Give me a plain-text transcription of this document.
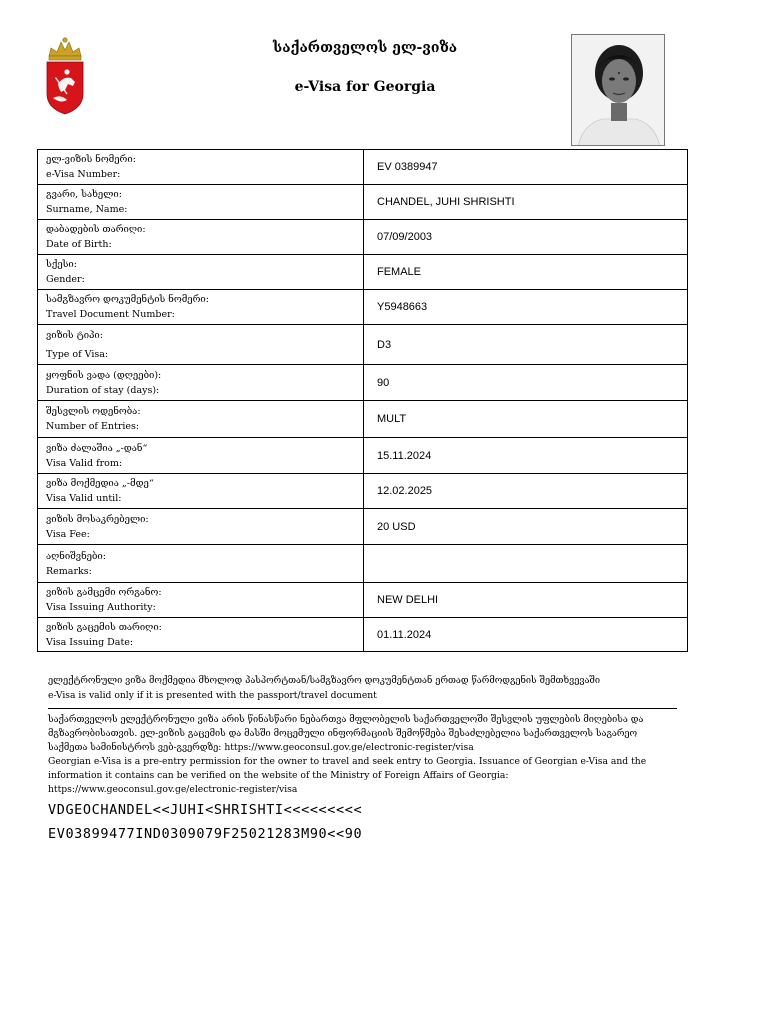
საქართველოს ელ-ვიზა
e-Visa for Georgia
ელ-ვიზის ნომერი:
e-Visa Number:	EV 0389947

გვარი, სახელი:
Surname, Name:	CHANDEL, JUHI SHRISHTI

დაბადების თარიღი:
Date of Birth:	07/09/2003

სქესი:
Gender:	FEMALE

სამგზავრო დოკუმენტის ნომერი:
Travel Document Number:	Y5948663

ვიზის ტიპი:
Type of Visa:	D3

ყოფნის ვადა (დღეები):
Duration of stay (days):	90

შესვლის ოდენობა:
Number of Entries:	MULT

ვიზა ძალაშია „-დან“
Visa Valid from:	15.11.2024

ვიზა მოქმედია „-მდე“
Visa Valid until:	12.02.2025

ვიზის მოსაკრებელი:
Visa Fee:	20 USD

აღნიშვნები:
Remarks:	

ვიზის გამცემი ორგანო:
Visa Issuing Authority:	NEW DELHI

ვიზის გაცემის თარიღი:
Visa Issuing Date:	01.11.2024
ელექტრონული ვიზა მოქმედია მხოლოდ პასპორტთან/სამგზავრო დოკუმენტთან ერთად წარმოდგენის შემთხვევაში
e-Visa is valid only if it is presented with the passport/travel document
საქართველოს ელექტრონული ვიზა არის წინასწარი ნებართვა მფლობელის საქართველოში შესვლის უფლების მიღებისა და მგზავრობისათვის. ელ-ვიზის გაცემის და მასში მოცემული ინფორმაციის შემოწმება შესაძლებელია საქართველოს საგარეო საქმეთა სამინისტროს ვებ-გვერდზე: https://www.geoconsul.gov.ge/electronic-register/visa
Georgian e-Visa is a pre-entry permission for the owner to travel and seek entry to Georgia. Issuance of Georgian e-Visa and the information it contains can be verified on the website of the Ministry of Foreign Affairs of Georgia: https://www.geoconsul.gov.ge/electronic-register/visa
VDGEOCHANDEL<<JUHI<SHRISHTI<<<<<<<<<
EV03899477IND0309079F25021283M90<<90
